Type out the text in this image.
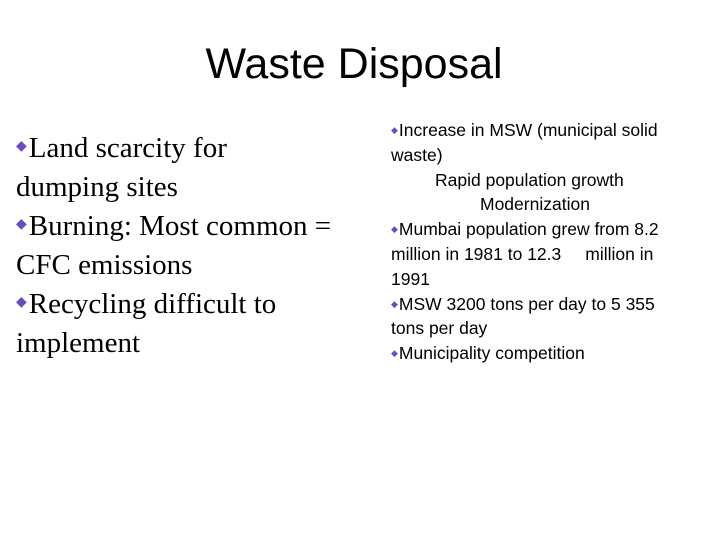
Waste Disposal

◆Land scarcity for dumping sites

◆Burning: Most common = CFC emissions

◆Recycling difficult to implement

◆Increase in MSW (municipal solid waste)

Rapid population growth
Modernization

◆Mumbai population grew from 8.2 million in 1981 to 12.3 million in 1991

◆MSW 3200 tons per day to 5 355 tons per day

◆Municipality competition
